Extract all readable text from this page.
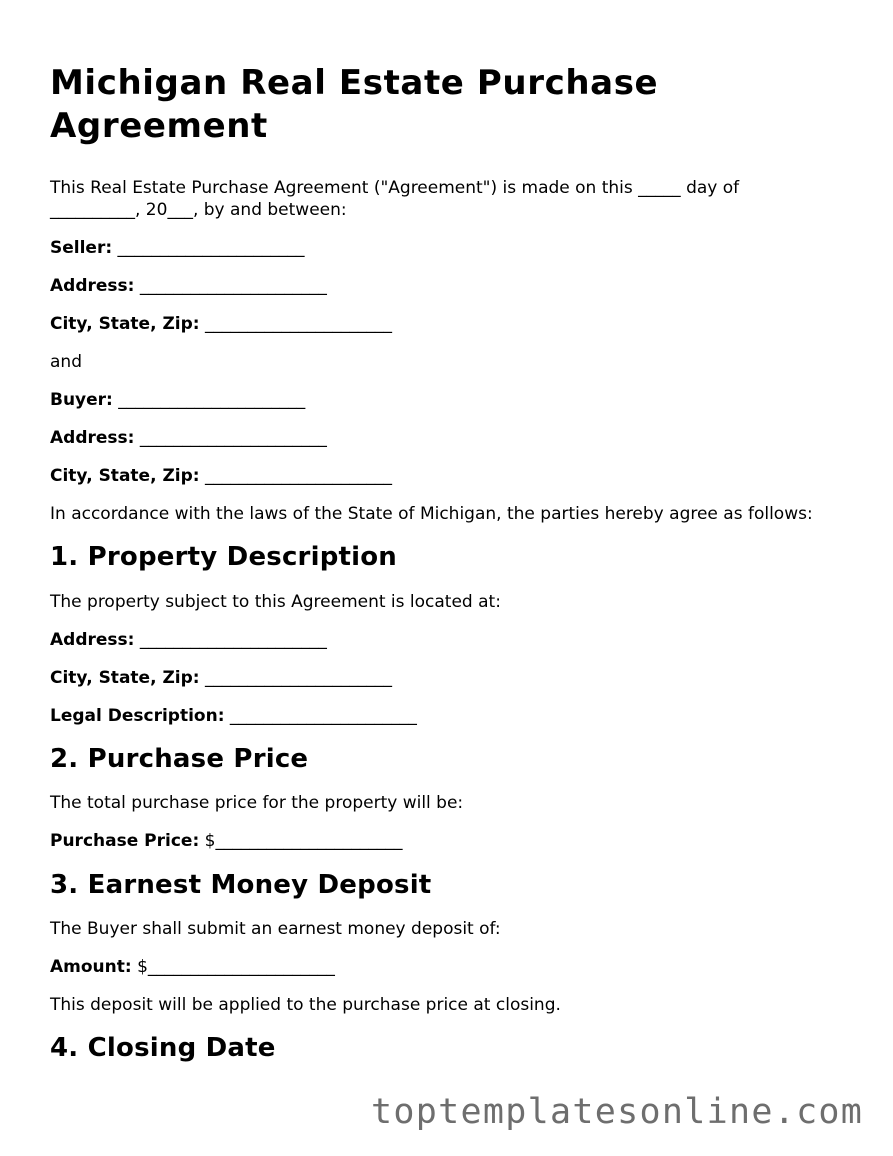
Michigan Real Estate Purchase Agreement

This Real Estate Purchase Agreement ("Agreement") is made on this _____ day of

__________, 20___, by and between:

Seller: ______________________

Address: ______________________

City, State, Zip: ______________________

and

Buyer: ______________________

Address: ______________________

City, State, Zip: ______________________

In accordance with the laws of the State of Michigan, the parties hereby agree as follows:

1. Property Description

The property subject to this Agreement is located at:

Address: ______________________

City, State, Zip: ______________________

Legal Description: ______________________

2. Purchase Price

The total purchase price for the property will be:

Purchase Price: $______________________

3. Earnest Money Deposit

The Buyer shall submit an earnest money deposit of:

Amount: $______________________

This deposit will be applied to the purchase price at closing.

4. Closing Date
toptemplatesonline.com
